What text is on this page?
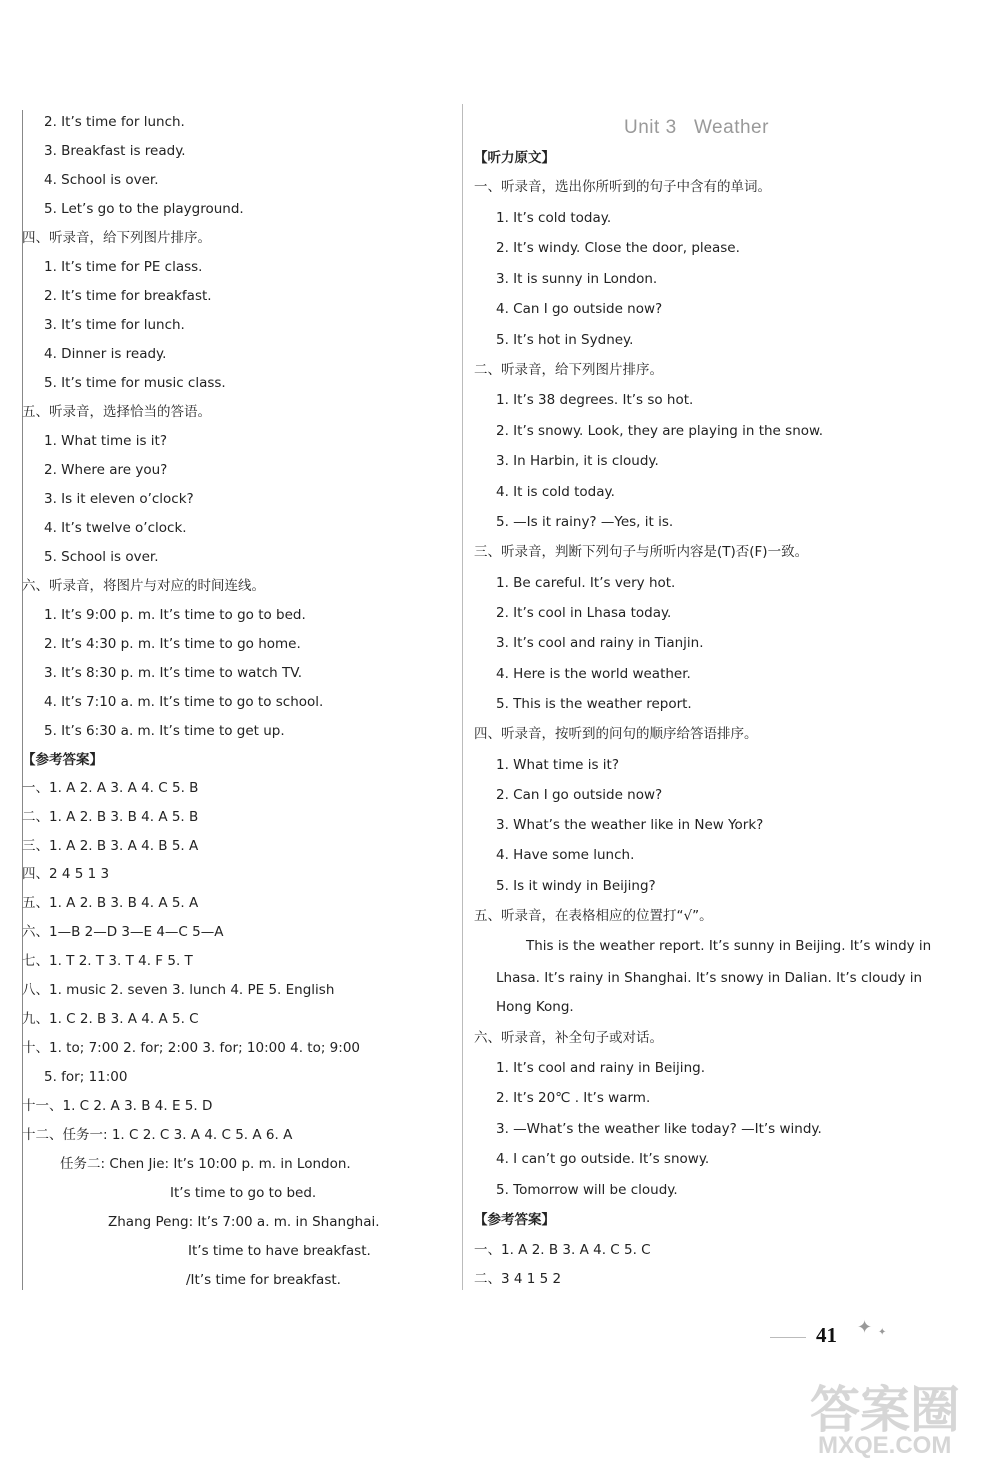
Unit 3   Weather
41 ✦ ✦
答案圈
MXQE.COM
2. It’s time for lunch.
3. Breakfast is ready.
4. School is over.
5. Let’s go to the playground.
四、听录音，给下列图片排序。
1. It’s time for PE class.
2. It’s time for breakfast.
3. It’s time for lunch.
4. Dinner is ready.
5. It’s time for music class.
五、听录音，选择恰当的答语。
1. What time is it?
2. Where are you?
3. Is it eleven o’clock?
4. It’s twelve o’clock.
5. School is over.
六、听录音，将图片与对应的时间连线。
1. It’s 9:00 p. m. It’s time to go to bed.
2. It’s 4:30 p. m. It’s time to go home.
3. It’s 8:30 p. m. It’s time to watch TV.
4. It’s 7:10 a. m. It’s time to go to school.
5. It’s 6:30 a. m. It’s time to get up.
【参考答案】
一、1. A 2. A 3. A 4. C 5. B
二、1. A 2. B 3. B 4. A 5. B
三、1. A 2. B 3. A 4. B 5. A
四、2 4 5 1 3
五、1. A 2. B 3. B 4. A 5. A
六、1—B 2—D 3—E 4—C 5—A
七、1. T 2. T 3. T 4. F 5. T
八、1. music 2. seven 3. lunch 4. PE 5. English
九、1. C 2. B 3. A 4. A 5. C
十、1. to; 7:00 2. for; 2:00 3. for; 10:00 4. to; 9:00
5. for; 11:00
十一、1. C 2. A 3. B 4. E 5. D
十二、任务一: 1. C 2. C 3. A 4. C 5. A 6. A
任务二: Chen Jie: It’s 10:00 p. m. in London.
It’s time to go to bed.
Zhang Peng: It’s 7:00 a. m. in Shanghai.
It’s time to have breakfast.
/It’s time for breakfast.
【听力原文】
一、听录音，选出你所听到的句子中含有的单词。
1. It’s cold today.
2. It’s windy. Close the door, please.
3. It is sunny in London.
4. Can I go outside now?
5. It’s hot in Sydney.
二、听录音，给下列图片排序。
1. It’s 38 degrees. It’s so hot.
2. It’s snowy. Look, they are playing in the snow.
3. In Harbin, it is cloudy.
4. It is cold today.
5. —Is it rainy? —Yes, it is.
三、听录音，判断下列句子与所听内容是(T)否(F)一致。
1. Be careful. It’s very hot.
2. It’s cool in Lhasa today.
3. It’s cool and rainy in Tianjin.
4. Here is the world weather.
5. This is the weather report.
四、听录音，按听到的问句的顺序给答语排序。
1. What time is it?
2. Can I go outside now?
3. What’s the weather like in New York?
4. Have some lunch.
5. Is it windy in Beijing?
五、听录音，在表格相应的位置打“√”。
This is the weather report. It’s sunny in Beijing. It’s windy in
Lhasa. It’s rainy in Shanghai. It’s snowy in Dalian. It’s cloudy in
Hong Kong.
六、听录音，补全句子或对话。
1. It’s cool and rainy in Beijing.
2. It’s 20℃ . It’s warm.
3. —What’s the weather like today? —It’s windy.
4. I can’t go outside. It’s snowy.
5. Tomorrow will be cloudy.
【参考答案】
一、1. A 2. B 3. A 4. C 5. C
二、3 4 1 5 2
